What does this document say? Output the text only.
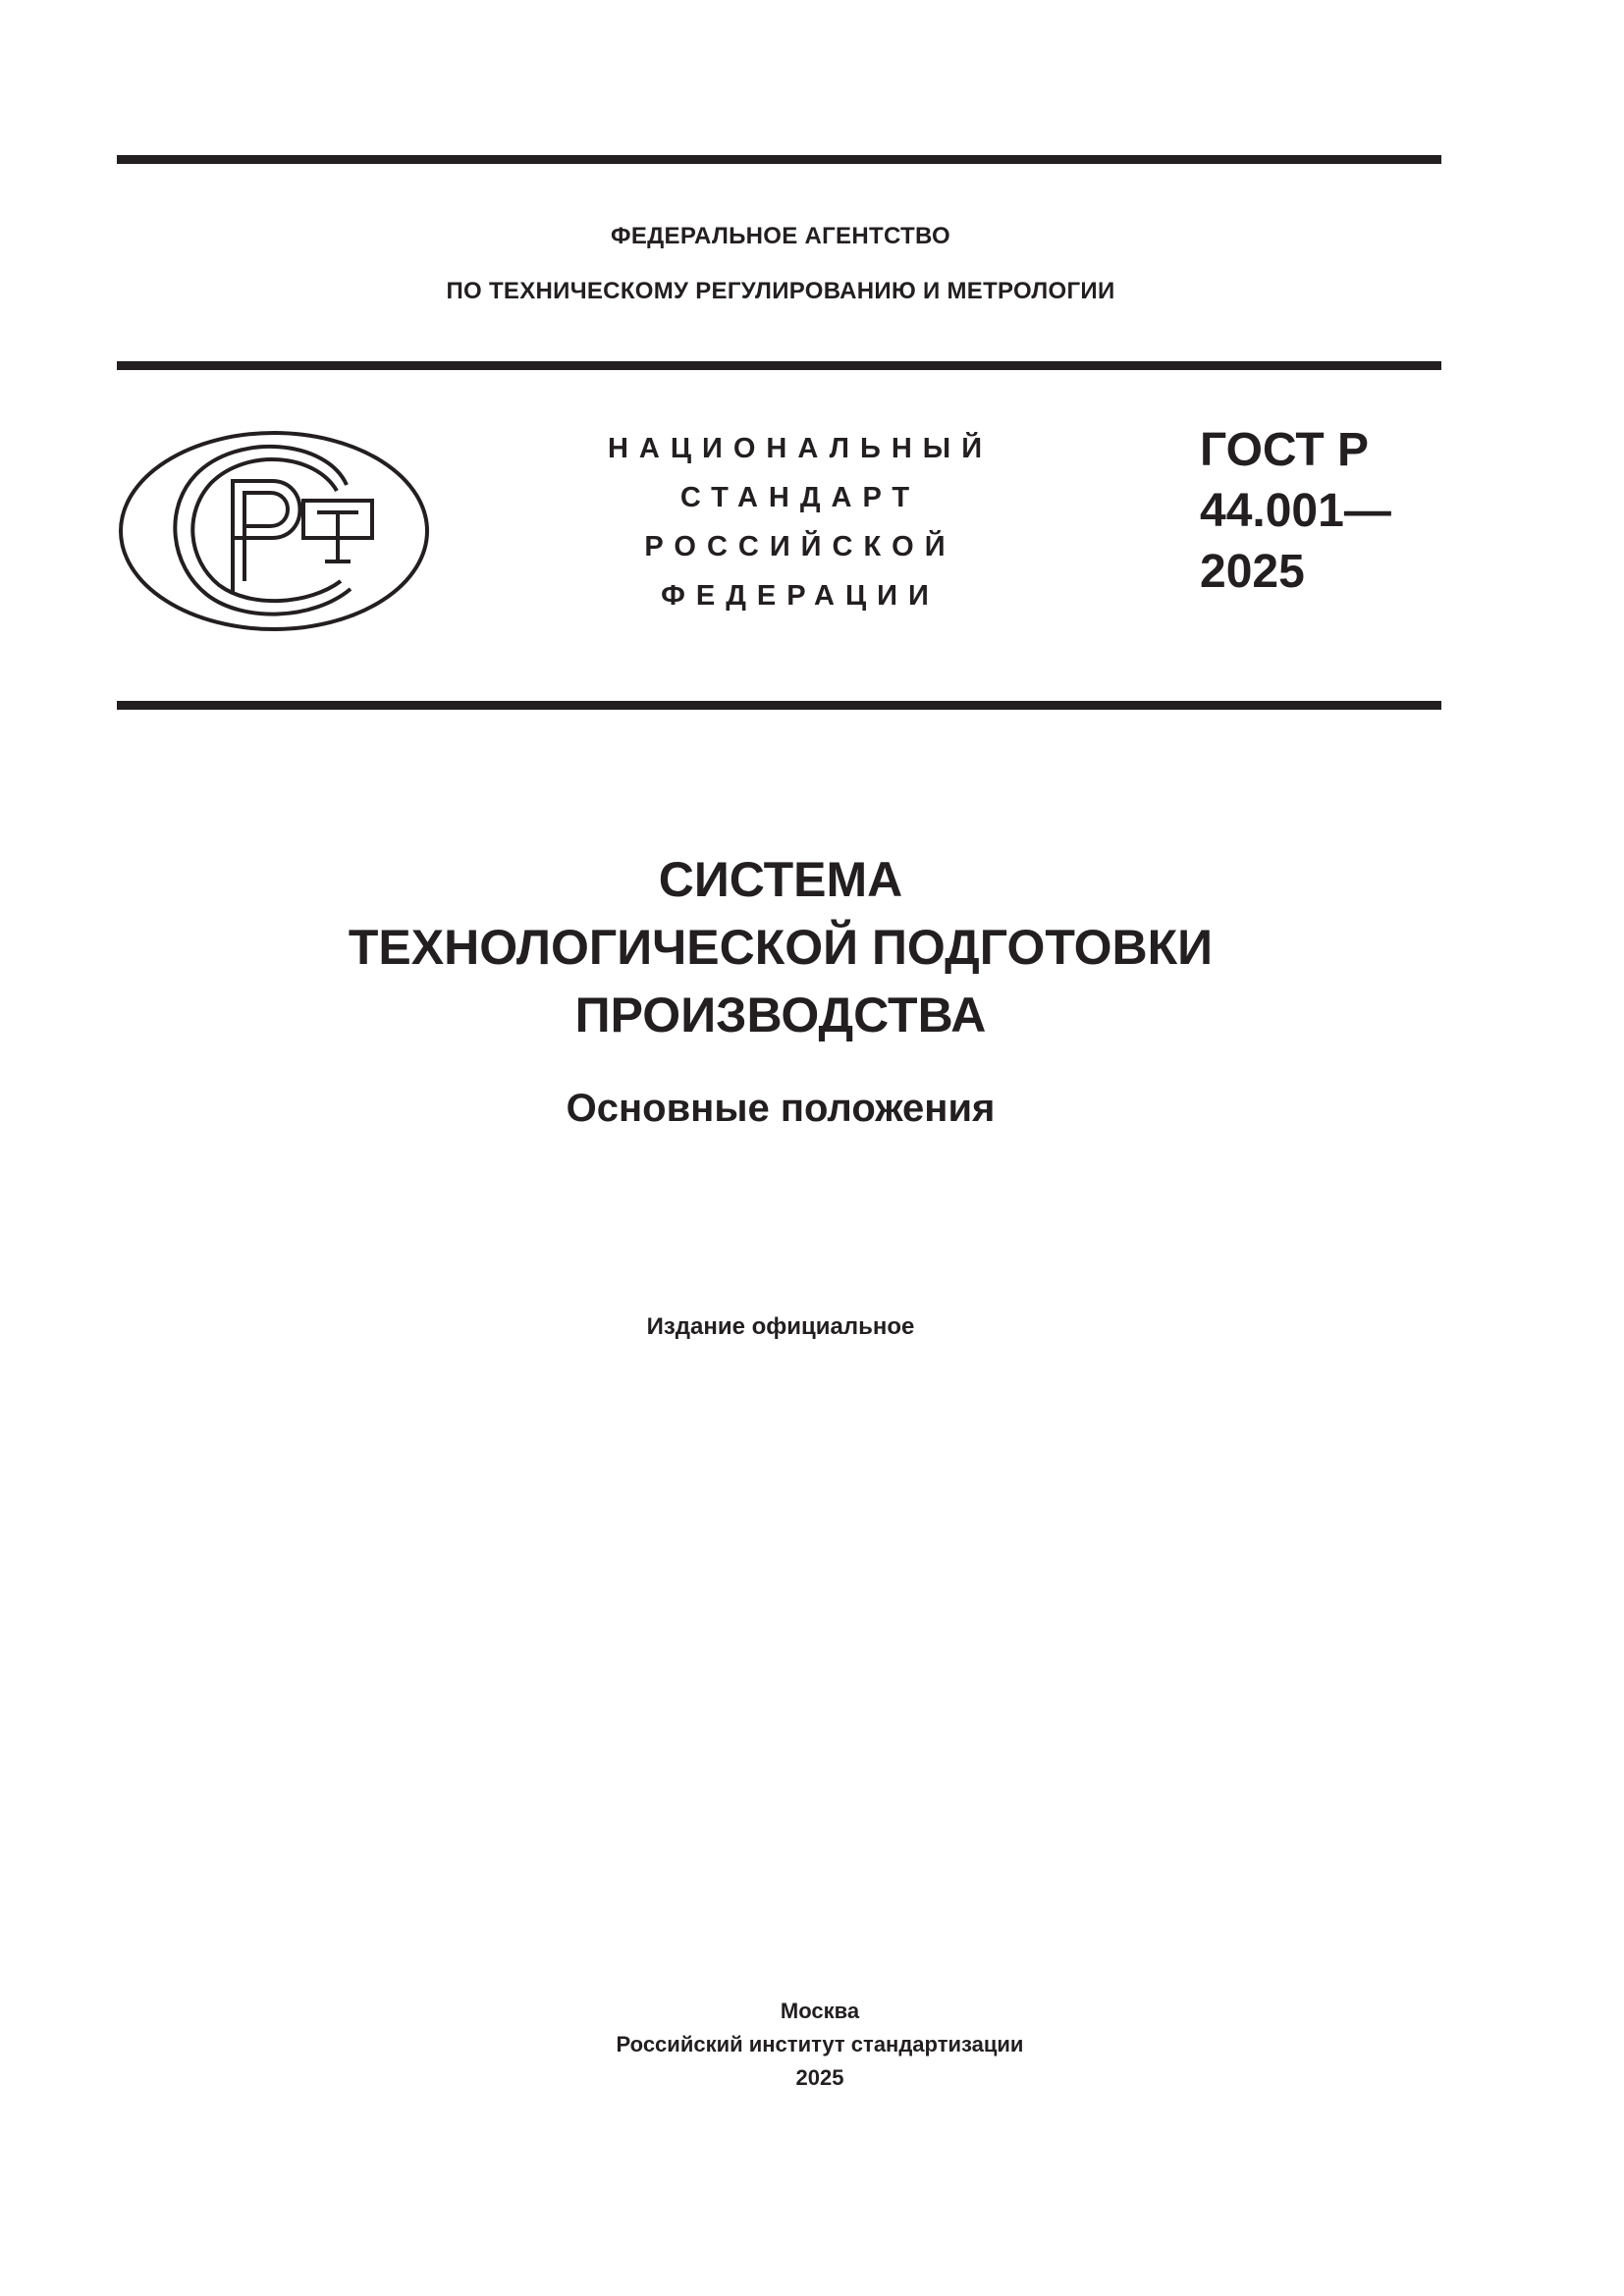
ФЕДЕРАЛЬНОЕ АГЕНТСТВО
ПО ТЕХНИЧЕСКОМУ РЕГУЛИРОВАНИЮ И МЕТРОЛОГИИ
НАЦИОНАЛЬНЫЙ
СТАНДАРТ
РОССИЙСКОЙ
ФЕДЕРАЦИИ
ГОСТ Р
44.001—
2025
СИСТЕМА
ТЕХНОЛОГИЧЕСКОЙ ПОДГОТОВКИ
ПРОИЗВОДСТВА
Основные положения
Издание официальное
Москва
Российский институт стандартизации
2025
